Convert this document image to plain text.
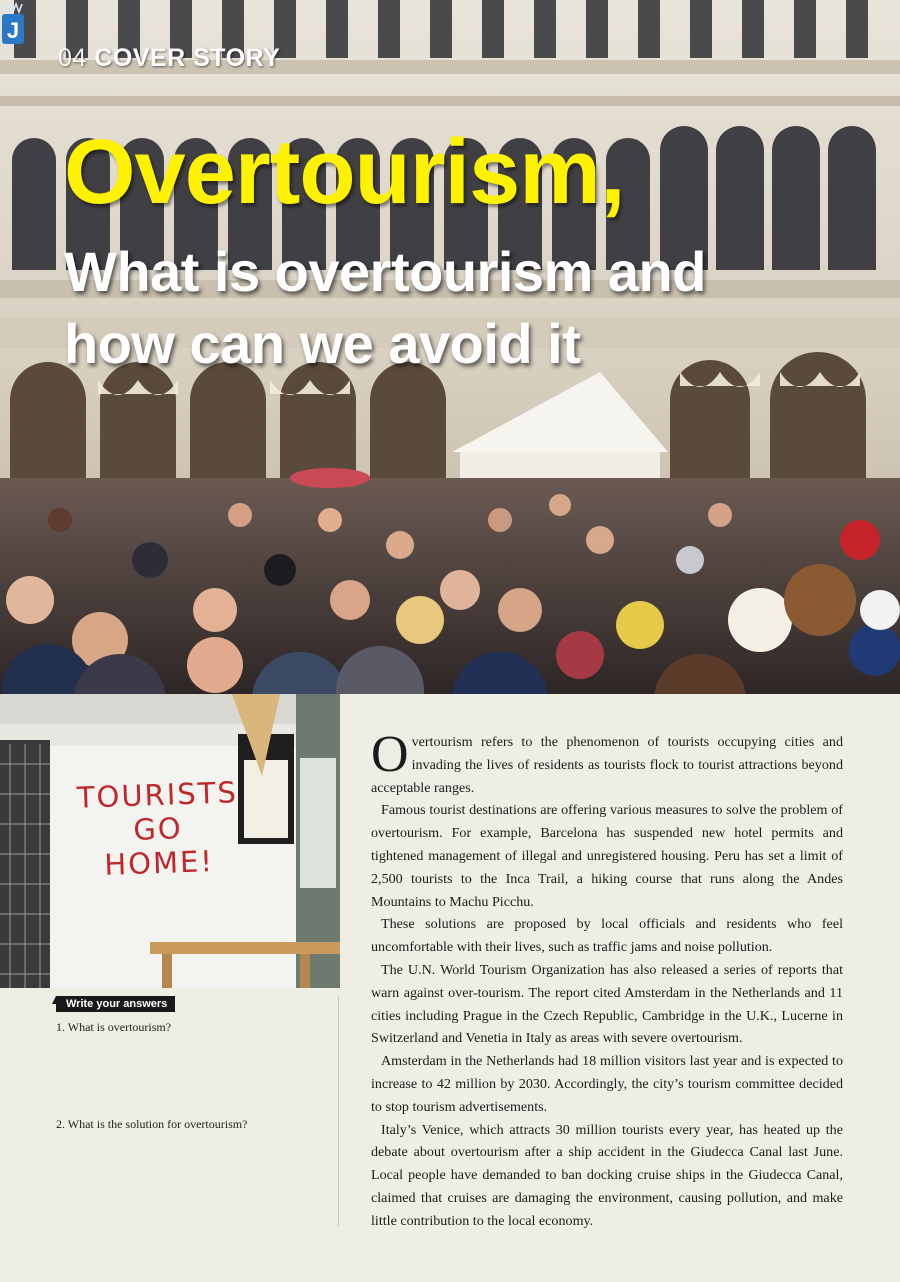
04 COVER STORY
J
Overtourism,
What is overtourism and how can we avoid it
TOURISTS
GO
HOME!
Write your answers
1. What is overtourism?
2. What is the solution for overtourism?

Overtourism refers to the phenomenon of tourists occupying cities and invading the lives of residents as tourists flock to tourist attractions beyond acceptable ranges.

Famous tourist destinations are offering various measures to solve the problem of overtourism. For example, Barcelona has suspended new hotel permits and tightened management of illegal and unregistered housing. Peru has set a limit of 2,500 tourists to the Inca Trail, a hiking course that runs along the Andes Mountains to Machu Picchu.

These solutions are proposed by local officials and residents who feel uncomfortable with their lives, such as traffic jams and noise pollution.

The U.N. World Tourism Organization has also released a series of reports that warn against over-tourism. The report cited Amsterdam in the Netherlands and 11 cities including Prague in the Czech Republic, Cambridge in the U.K., Lucerne in Switzerland and Venetia in Italy as areas with severe overtourism.

Amsterdam in the Netherlands had 18 million visitors last year and is expected to increase to 42 million by 2030. Accordingly, the city’s tourism committee decided to stop tourism advertisements.

Italy’s Venice, which attracts 30 million tourists every year, has heated up the debate about overtourism after a ship accident in the Giudecca Canal last June. Local people have demanded to ban docking cruise ships in the Giudecca Canal, claimed that cruises are damaging the environment, causing pollution, and make little contribution to the local economy.
